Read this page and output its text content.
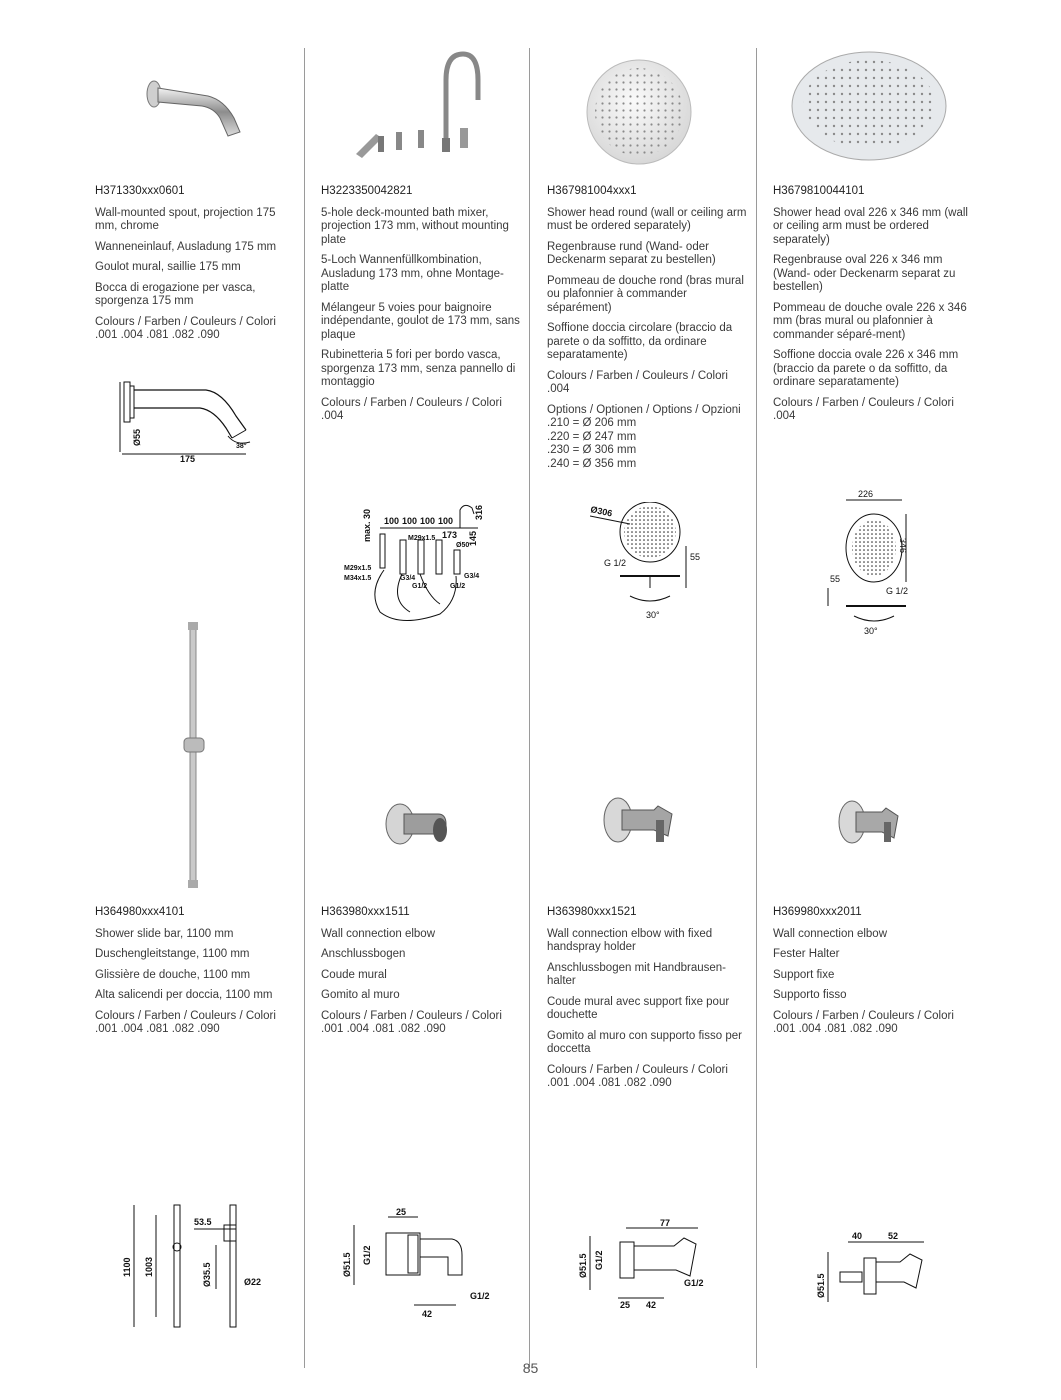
H371330xxx0601
Wall-mounted spout, projection 175 mm, chrome
Wanneneinlauf, Ausladung 175 mm
Goulot mural, saillie 175 mm
Bocca di erogazione per vasca, sporgenza 175 mm
Colours / Farben / Couleurs / Colori
.001 .004 .081 .082 .090
H3223350042821
5-hole deck-mounted bath mixer, projection 173 mm, without mounting plate
5-Loch Wannenfüllkombination, Ausladung 173 mm, ohne Montage-platte
Mélangeur 5 voies pour baignoire indépendante, goulot de 173 mm, sans plaque
Rubinetteria 5 fori per bordo vasca, sporgenza 173 mm, senza pannello di montaggio
Colours / Farben / Couleurs / Colori
.004
H367981004xxx1
Shower head round (wall or ceiling arm must be ordered separately)
Regenbrause rund (Wand- oder Deckenarm separat zu bestellen)
Pommeau de douche rond (bras mural ou plafonnier à commander séparément)
Soffione doccia circolare (braccio da parete o da soffitto, da ordinare separatamente)
Colours / Farben / Couleurs / Colori
.004
Options / Optionen / Options / Opzioni
.210 = Ø 206 mm
.220 = Ø 247 mm
.230 = Ø 306 mm
.240 = Ø 356 mm
H3679810044101
Shower head oval 226 x 346 mm (wall or ceiling arm must be ordered separately)
Regenbrause oval 226 x 346 mm (Wand- oder Deckenarm separat zu bestellen)
Pommeau de douche ovale 226 x 346 mm (bras mural ou plafonnier à commander séparé-ment)
Soffione doccia ovale 226 x 346 mm (braccio da parete o da soffitto, da ordinare separatamente)
Colours / Farben / Couleurs / Colori
.004
Ø55
175
38°
max. 30 100 100 100 100
316
173
Ø50
145
M29x1.5
M29x1.5
M34x1.5	G3/4	G3/4
G1/2	G1/2
Ø306
55
G 1/2
30°
226
346
55
G 1/2
30°
H364980xxx4101
Shower slide bar, 1100 mm
Duschengleitstange, 1100 mm
Glissière de douche, 1100 mm
Alta salicendi per doccia, 1100 mm
Colours / Farben / Couleurs / Colori
.001 .004 .081 .082 .090
H363980xxx1511
Wall connection elbow
Anschlussbogen
Coude mural
Gomito al muro
Colours / Farben / Couleurs / Colori
.001 .004 .081 .082 .090
H363980xxx1521
Wall connection elbow with fixed handspray holder
Anschlussbogen mit Handbrausen-halter
Coude mural avec support fixe pour douchette
Gomito al muro con supporto fisso per doccetta
Colours / Farben / Couleurs / Colori
.001 .004 .081 .082 .090
H369980xxx2011
Wall connection elbow
Fester Halter
Support fixe
Supporto fisso
Colours / Farben / Couleurs / Colori
.001 .004 .081 .082 .090
1100 1003
53.5
Ø35.5	Ø22
25
Ø51.5 G1/2
G1/2
42
77
Ø51.5 G1/2
G1/2
25 42
40	52
Ø51.5
85
